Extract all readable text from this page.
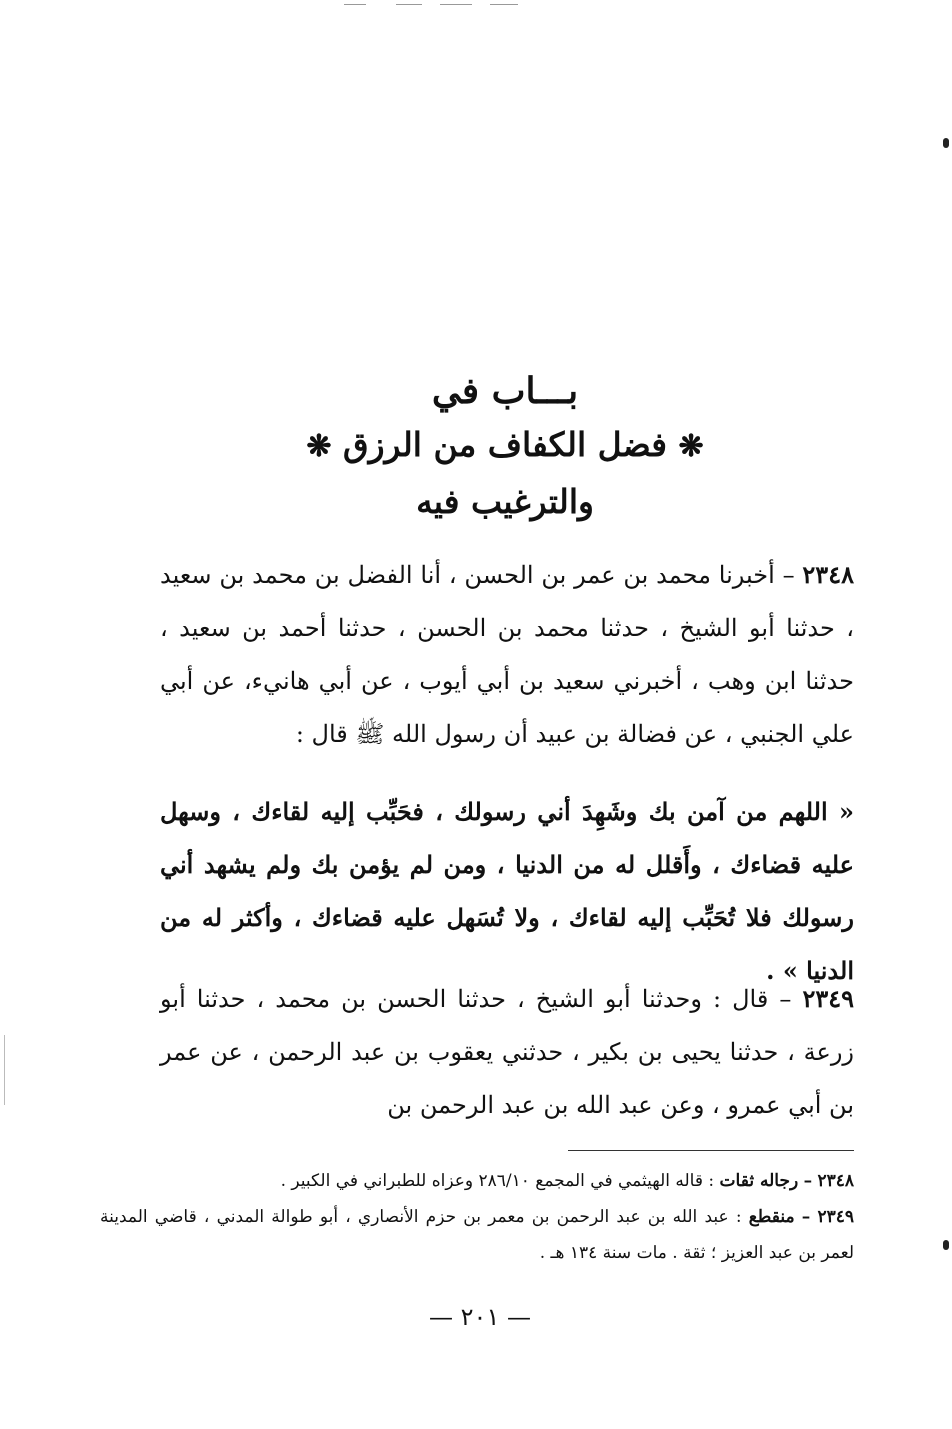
بـــاب في
❋ فضل الكفاف من الرزق ❋
والترغيب فيه
٢٣٤٨ – أخبرنا محمد بن عمر بن الحسن ، أنا الفضل بن محمد بن سعيد ، حدثنا أبو الشيخ ، حدثنا محمد بن الحسن ، حدثنا أحمد بن سعيد ، حدثنا ابن وهب ، أخبرني سعيد بن أبي أيوب ، عن أبي هانيء، عن أبي علي الجنبي ، عن فضالة بن عبيد أن رسول الله ﷺ قال :
« اللهم من آمن بك وشَهِدَ أني رسولك ، فحَبِّب إليه لقاءك ، وسهل عليه قضاءك ، وأَقلل له من الدنيا ، ومن لم يؤمن بك ولم يشهد أني رسولك فلا تُحَبِّب إليه لقاءك ، ولا تُسَهل عليه قضاءك ، وأكثر له من الدنيا » .
٢٣٤٩ – قال : وحدثنا أبو الشيخ ، حدثنا الحسن بن محمد ، حدثنا أبو زرعة ، حدثنا يحيى بن بكير ، حدثني يعقوب بن عبد الرحمن ، عن عمر بن أبي عمرو ، وعن عبد الله بن عبد الرحمن بن
٢٣٤٨ – رجاله ثقات : قاله الهيثمي في المجمع ٢٨٦/١٠ وعزاه للطبراني في الكبير .
٢٣٤٩ – منقطع : عبد الله بن عبد الرحمن بن معمر بن حزم الأنصاري ، أبو طوالة المدني ، قاضي المدينة لعمر بن عبد العزيز ؛ ثقة . مات سنة ١٣٤ هـ .
— ٢٠١ —
